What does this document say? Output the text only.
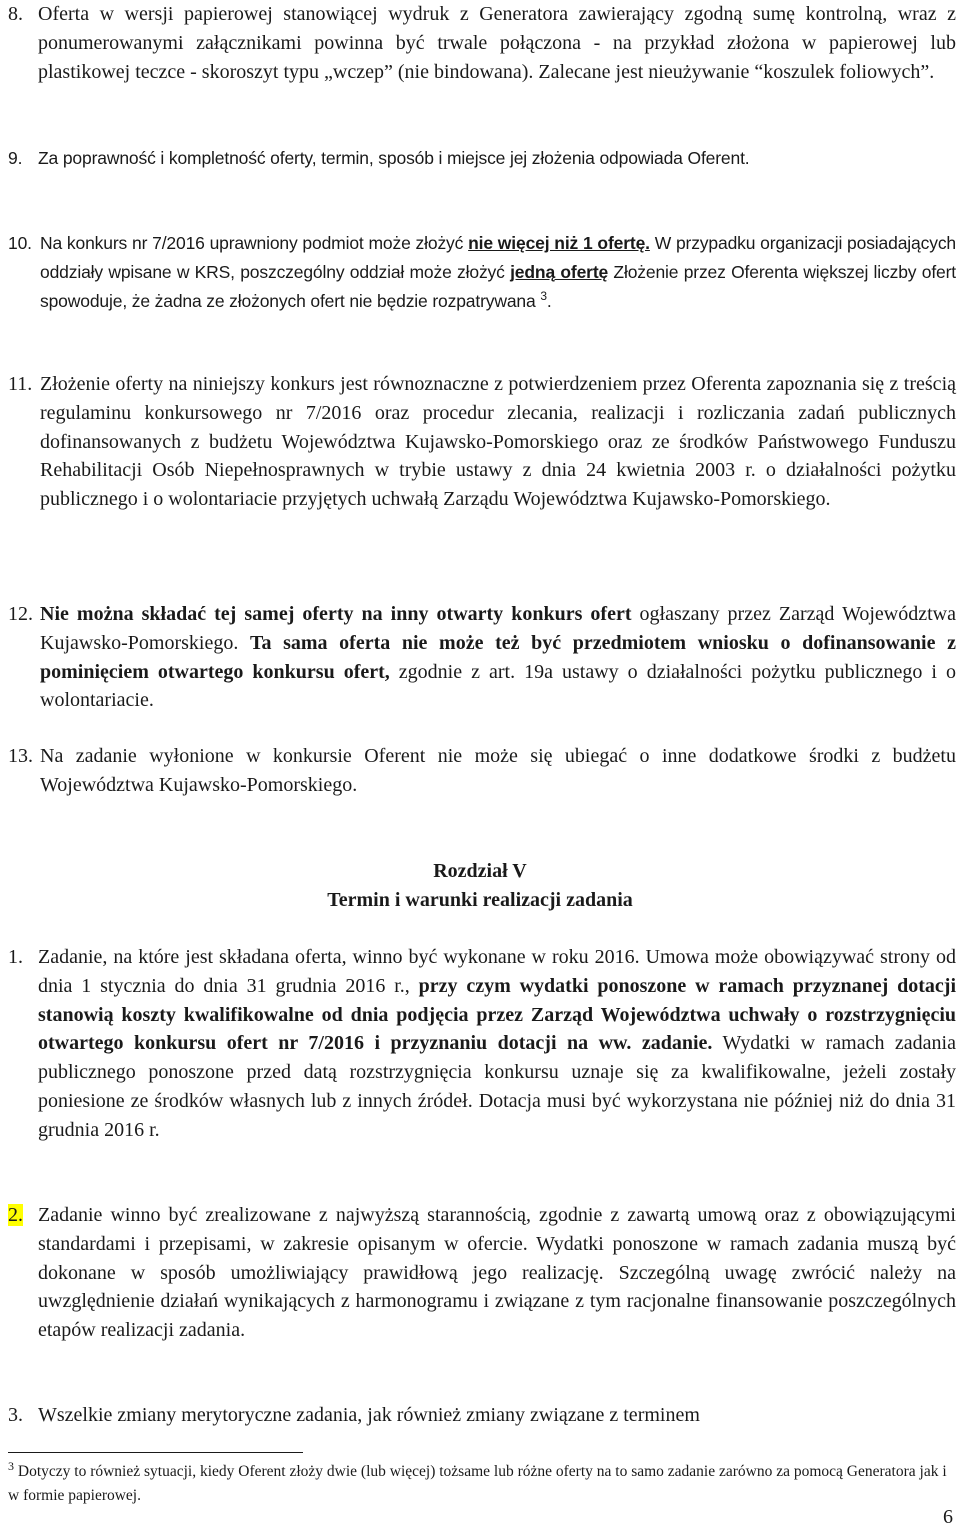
8. Oferta w wersji papierowej stanowiącej wydruk z Generatora zawierający zgodną sumę kontrolną, wraz z ponumerowanymi załącznikami powinna być trwale połączona - na przykład złożona w papierowej lub plastikowej teczce - skoroszyt typu „wczep” (nie bindowana). Zalecane jest nieużywanie “koszulek foliowych”.
9. Za poprawność i kompletność oferty, termin, sposób i miejsce jej złożenia odpowiada Oferent.
10. Na konkurs nr 7/2016 uprawniony podmiot może złożyć nie więcej niż 1 ofertę. W przypadku organizacji posiadających oddziały wpisane w KRS, poszczególny oddział może złożyć jedną ofertę Złożenie przez Oferenta większej liczby ofert spowoduje, że żadna ze złożonych ofert nie będzie rozpatrywana $^3$.
11. Złożenie oferty na niniejszy konkurs jest równoznaczne z potwierdzeniem przez Oferenta zapoznania się z treścią regulaminu konkursowego nr 7/2016 oraz procedur zlecania, realizacji i rozliczania zadań publicznych dofinansowanych z budżetu Województwa Kujawsko-Pomorskiego oraz ze środków Państwowego Funduszu Rehabilitacji Osób Niepełnosprawnych w trybie ustawy z dnia 24 kwietnia 2003 r. o działalności pożytku publicznego i o wolontariacie przyjętych uchwałą Zarządu Województwa Kujawsko-Pomorskiego.
12. Nie można składać tej samej oferty na inny otwarty konkurs ofert ogłaszany przez Zarząd Województwa Kujawsko-Pomorskiego. Ta sama oferta nie może też być przedmiotem wniosku o dofinansowanie z pominięciem otwartego konkursu ofert, zgodnie z art. 19a ustawy o działalności pożytku publicznego i o wolontariacie.
13. Na zadanie wyłonione w konkursie Oferent nie może się ubiegać o inne dodatkowe środki z budżetu Województwa Kujawsko-Pomorskiego.
Rozdział V
Termin i warunki realizacji zadania
1. Zadanie, na które jest składana oferta, winno być wykonane w roku 2016. Umowa może obowiązywać strony od dnia 1 stycznia do dnia 31 grudnia 2016 r., przy czym wydatki ponoszone w ramach przyznanej dotacji stanowią koszty kwalifikowalne od dnia podjęcia przez Zarząd Województwa uchwały o rozstrzygnięciu otwartego konkursu ofert nr 7/2016 i przyznaniu dotacji na ww. zadanie. Wydatki w ramach zadania publicznego ponoszone przed datą rozstrzygnięcia konkursu uznaje się za kwalifikowalne, jeżeli zostały poniesione ze środków własnych lub z innych źródeł. Dotacja musi być wykorzystana nie później niż do dnia 31 grudnia 2016 r.
2. Zadanie winno być zrealizowane z najwyższą starannością, zgodnie z zawartą umową oraz z obowiązującymi standardami i przepisami, w zakresie opisanym w ofercie. Wydatki ponoszone w ramach zadania muszą być dokonane w sposób umożliwiający prawidłową jego realizację. Szczególną uwagę zwrócić należy na uwzględnienie działań wynikających z harmonogramu i związane z tym racjonalne finansowanie poszczególnych etapów realizacji zadania.
3. Wszelkie zmiany merytoryczne zadania, jak również zmiany związane z terminem
$^3$ Dotyczy to również sytuacji, kiedy Oferent złoży dwie (lub więcej) tożsame lub różne oferty na to samo zadanie zarówno za pomocą Generatora jak i w formie papierowej.
6
